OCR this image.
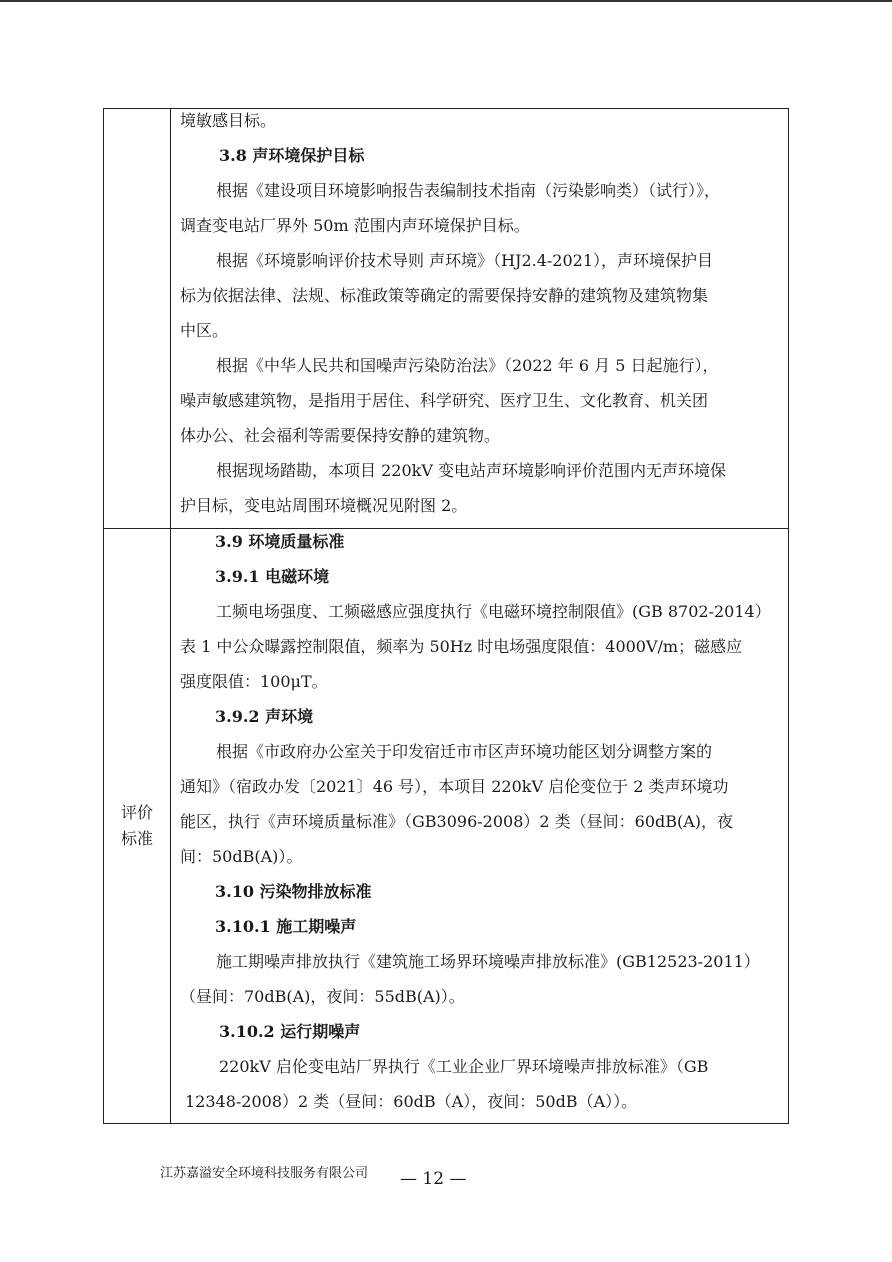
评价
标准
境敏感目标。
3.8 声环境保护目标
根据《建设项目环境影响报告表编制技术指南（污染影响类）（试行）》，
调查变电站厂界外 50m 范围内声环境保护目标。
根据《环境影响评价技术导则 声环境》（HJ2.4-2021），声环境保护目
标为依据法律、法规、标准政策等确定的需要保持安静的建筑物及建筑物集
中区。
根据《中华人民共和国噪声污染防治法》（2022 年 6 月 5 日起施行），
噪声敏感建筑物，是指用于居住、科学研究、医疗卫生、文化教育、机关团
体办公、社会福利等需要保持安静的建筑物。
根据现场踏勘，本项目 220kV 变电站声环境影响评价范围内无声环境保
护目标，变电站周围环境概况见附图 2。
3.9 环境质量标准
3.9.1 电磁环境
工频电场强度、工频磁感应强度执行《电磁环境控制限值》(GB 8702-2014）
表 1 中公众曝露控制限值，频率为 50Hz 时电场强度限值：4000V/m；磁感应
强度限值：100μT。
3.9.2 声环境
根据《市政府办公室关于印发宿迁市市区声环境功能区划分调整方案的
通知》（宿政办发〔2021〕46 号），本项目 220kV 启伦变位于 2 类声环境功
能区，执行《声环境质量标准》（GB3096-2008）2 类（昼间：60dB(A)，夜
间：50dB(A)）。
3.10 污染物排放标准
3.10.1 施工期噪声
施工期噪声排放执行《建筑施工场界环境噪声排放标准》(GB12523-2011）
（昼间：70dB(A)，夜间：55dB(A)）。
3.10.2 运行期噪声
220kV 启伦变电站厂界执行《工业企业厂界环境噪声排放标准》（GB
12348-2008）2 类（昼间：60dB（A），夜间：50dB（A））。
江苏嘉溢安全环境科技服务有限公司 — 12 —
